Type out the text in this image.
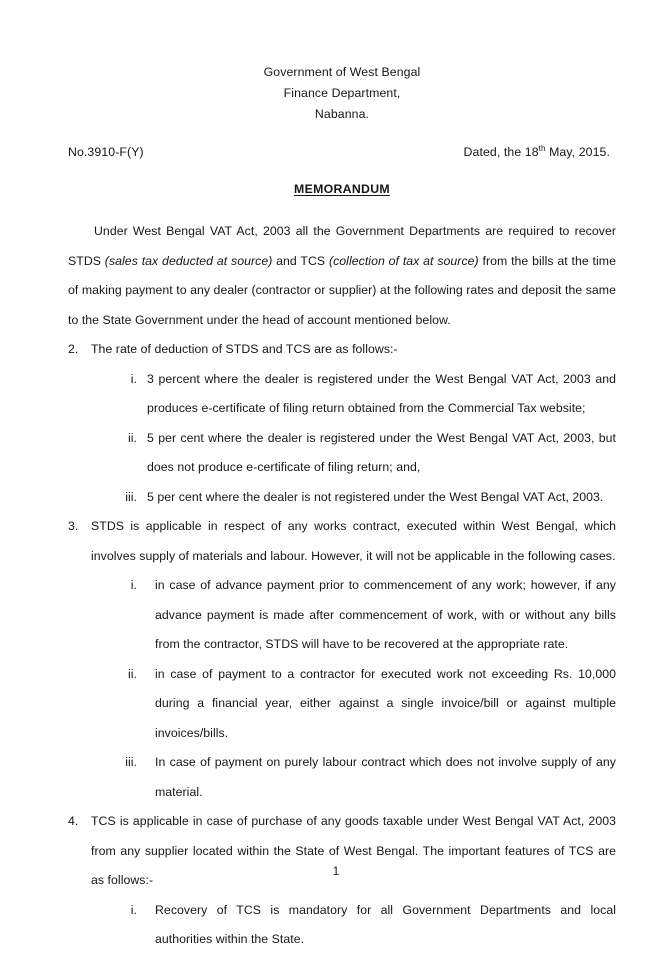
Government of West Bengal
Finance Department,
Nabanna.
No.3910-F(Y)	Dated, the 18th May, 2015.
MEMORANDUM

Under West Bengal VAT Act, 2003 all the Government Departments are required to recover STDS (sales tax deducted at source) and TCS (collection of tax at source) from the bills at the time of making payment to any dealer (contractor or supplier) at the following rates and deposit the same to the State Government under the head of account mentioned below.

2. The rate of deduction of STDS and TCS are as follows:-

i. 3 percent where the dealer is registered under the West Bengal VAT Act, 2003 and produces e-certificate of filing return obtained from the Commercial Tax website;
ii. 5 per cent where the dealer is registered under the West Bengal VAT Act, 2003, but does not produce e-certificate of filing return; and,
iii. 5 per cent where the dealer is not registered under the West Bengal VAT Act, 2003.

3. STDS is applicable in respect of any works contract, executed within West Bengal, which involves supply of materials and labour. However, it will not be applicable in the following cases.

i. in case of advance payment prior to commencement of any work; however, if any advance payment is made after commencement of work, with or without any bills from the contractor, STDS will have to be recovered at the appropriate rate.
ii. in case of payment to a contractor for executed work not exceeding Rs. 10,000 during a financial year, either against a single invoice/bill or against multiple invoices/bills.
iii. In case of payment on purely labour contract which does not involve supply of any material.

4. TCS is applicable in case of purchase of any goods taxable under West Bengal VAT Act, 2003 from any supplier located within the State of West Bengal. The important features of TCS are as follows:-

i. Recovery of TCS is mandatory for all Government Departments and local authorities within the State.
1
